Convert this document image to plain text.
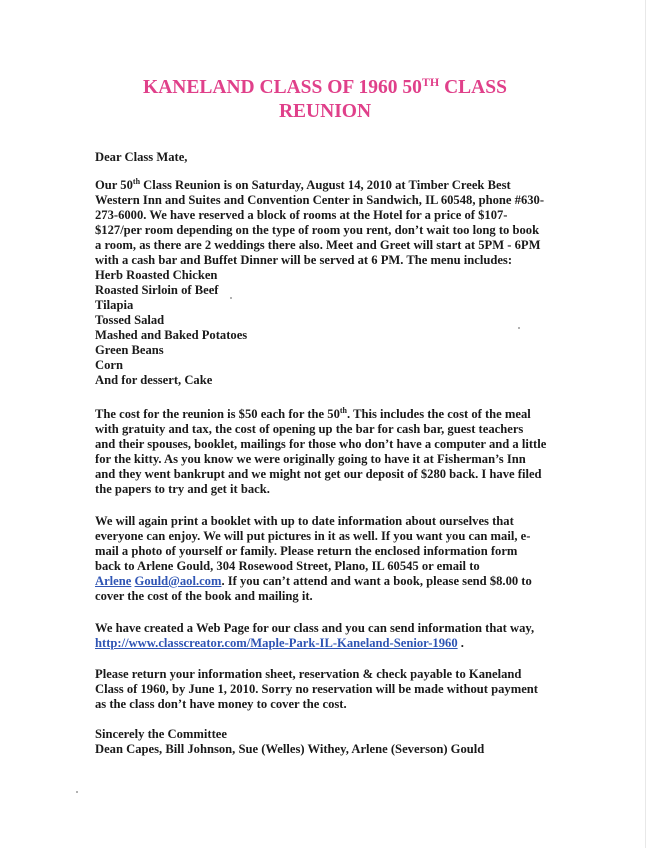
KANELAND CLASS OF 1960 50TH CLASS
REUNION
Dear Class Mate,
Our 50th Class Reunion is on Saturday, August 14, 2010 at Timber Creek Best
Western Inn and Suites and Convention Center in Sandwich, IL 60548, phone #630-
273-6000. We have reserved a block of rooms at the Hotel for a price of $107-
$127/per room depending on the type of room you rent, don’t wait too long to book
a room, as there are 2 weddings there also. Meet and Greet will start at 5PM - 6PM
with a cash bar and Buffet Dinner will be served at 6 PM. The menu includes:
Herb Roasted Chicken
Roasted Sirloin of Beef
Tilapia
Tossed Salad
Mashed and Baked Potatoes
Green Beans
Corn
And for dessert, Cake
The cost for the reunion is $50 each for the 50th. This includes the cost of the meal
with gratuity and tax, the cost of opening up the bar for cash bar, guest teachers
and their spouses, booklet, mailings for those who don’t have a computer and a little
for the kitty. As you know we were originally going to have it at Fisherman’s Inn
and they went bankrupt and we might not get our deposit of $280 back. I have filed
the papers to try and get it back.
We will again print a booklet with up to date information about ourselves that
everyone can enjoy. We will put pictures in it as well. If you want you can mail, e-
mail a photo of yourself or family. Please return the enclosed information form
back to Arlene Gould, 304 Rosewood Street, Plano, IL 60545 or email to
Arlene Gould@aol.com. If you can’t attend and want a book, please send $8.00 to
cover the cost of the book and mailing it.
We have created a Web Page for our class and you can send information that way,
http://www.classcreator.com/Maple-Park-IL-Kaneland-Senior-1960 .
Please return your information sheet, reservation & check payable to Kaneland
Class of 1960, by June 1, 2010. Sorry no reservation will be made without payment
as the class don’t have money to cover the cost.
Sincerely the Committee
Dean Capes, Bill Johnson, Sue (Welles) Withey, Arlene (Severson) Gould
